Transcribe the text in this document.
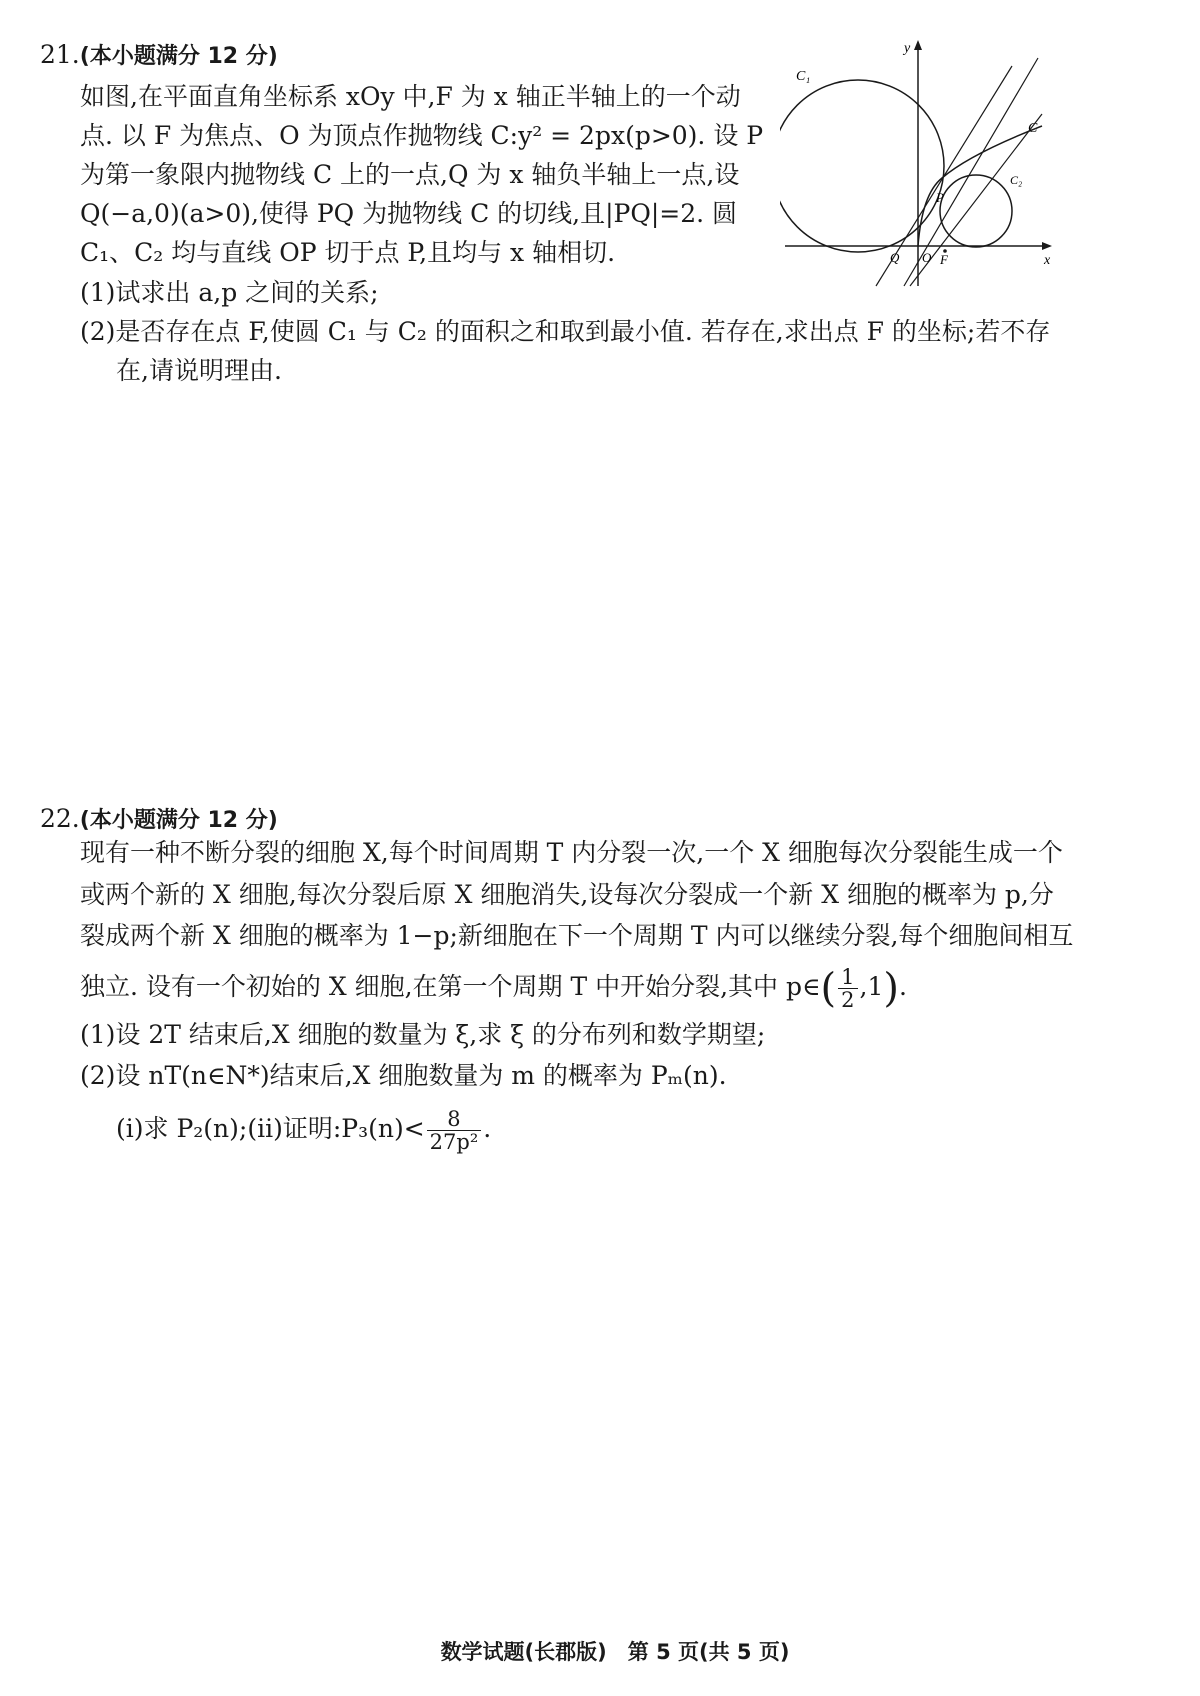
21.(本小题满分 12 分)
如图,在平面直角坐标系 xOy 中,F 为 x 轴正半轴上的一个动
点. 以 F 为焦点、O 为顶点作抛物线 C:y² = 2px(p>0). 设 P
为第一象限内抛物线 C 上的一点,Q 为 x 轴负半轴上一点,设
Q(−a,0)(a>0),使得 PQ 为抛物线 C 的切线,且|PQ|=2. 圆
C₁、C₂ 均与直线 OP 切于点 P,且均与 x 轴相切.
(1)试求出 a,p 之间的关系;
(2)是否存在点 F,使圆 C₁ 与 C₂ 的面积之和取到最小值. 若存在,求出点 F 的坐标;若不存
在,请说明理由.
y
x
C₁
C₂
C
P
Q O F
22.(本小题满分 12 分)
现有一种不断分裂的细胞 X,每个时间周期 T 内分裂一次,一个 X 细胞每次分裂能生成一个
或两个新的 X 细胞,每次分裂后原 X 细胞消失,设每次分裂成一个新 X 细胞的概率为 p,分
裂成两个新 X 细胞的概率为 1−p;新细胞在下一个周期 T 内可以继续分裂,每个细胞间相互
独立. 设有一个初始的 X 细胞,在第一个周期 T 中开始分裂,其中 p∈( $\frac{1}{2} ,1$).
(1)设 2T 结束后,X 细胞的数量为 ξ,求 ξ 的分布列和数学期望;
(2)设 nT(n∈N*)结束后,X 细胞数量为 m 的概率为 Pₘ(n).
(i)求 P₂(n);(ii)证明:P₃(n)< $\frac{8}{\text{27p²}}$ .
数学试题(长郡版)　第 5 页(共 5 页)
